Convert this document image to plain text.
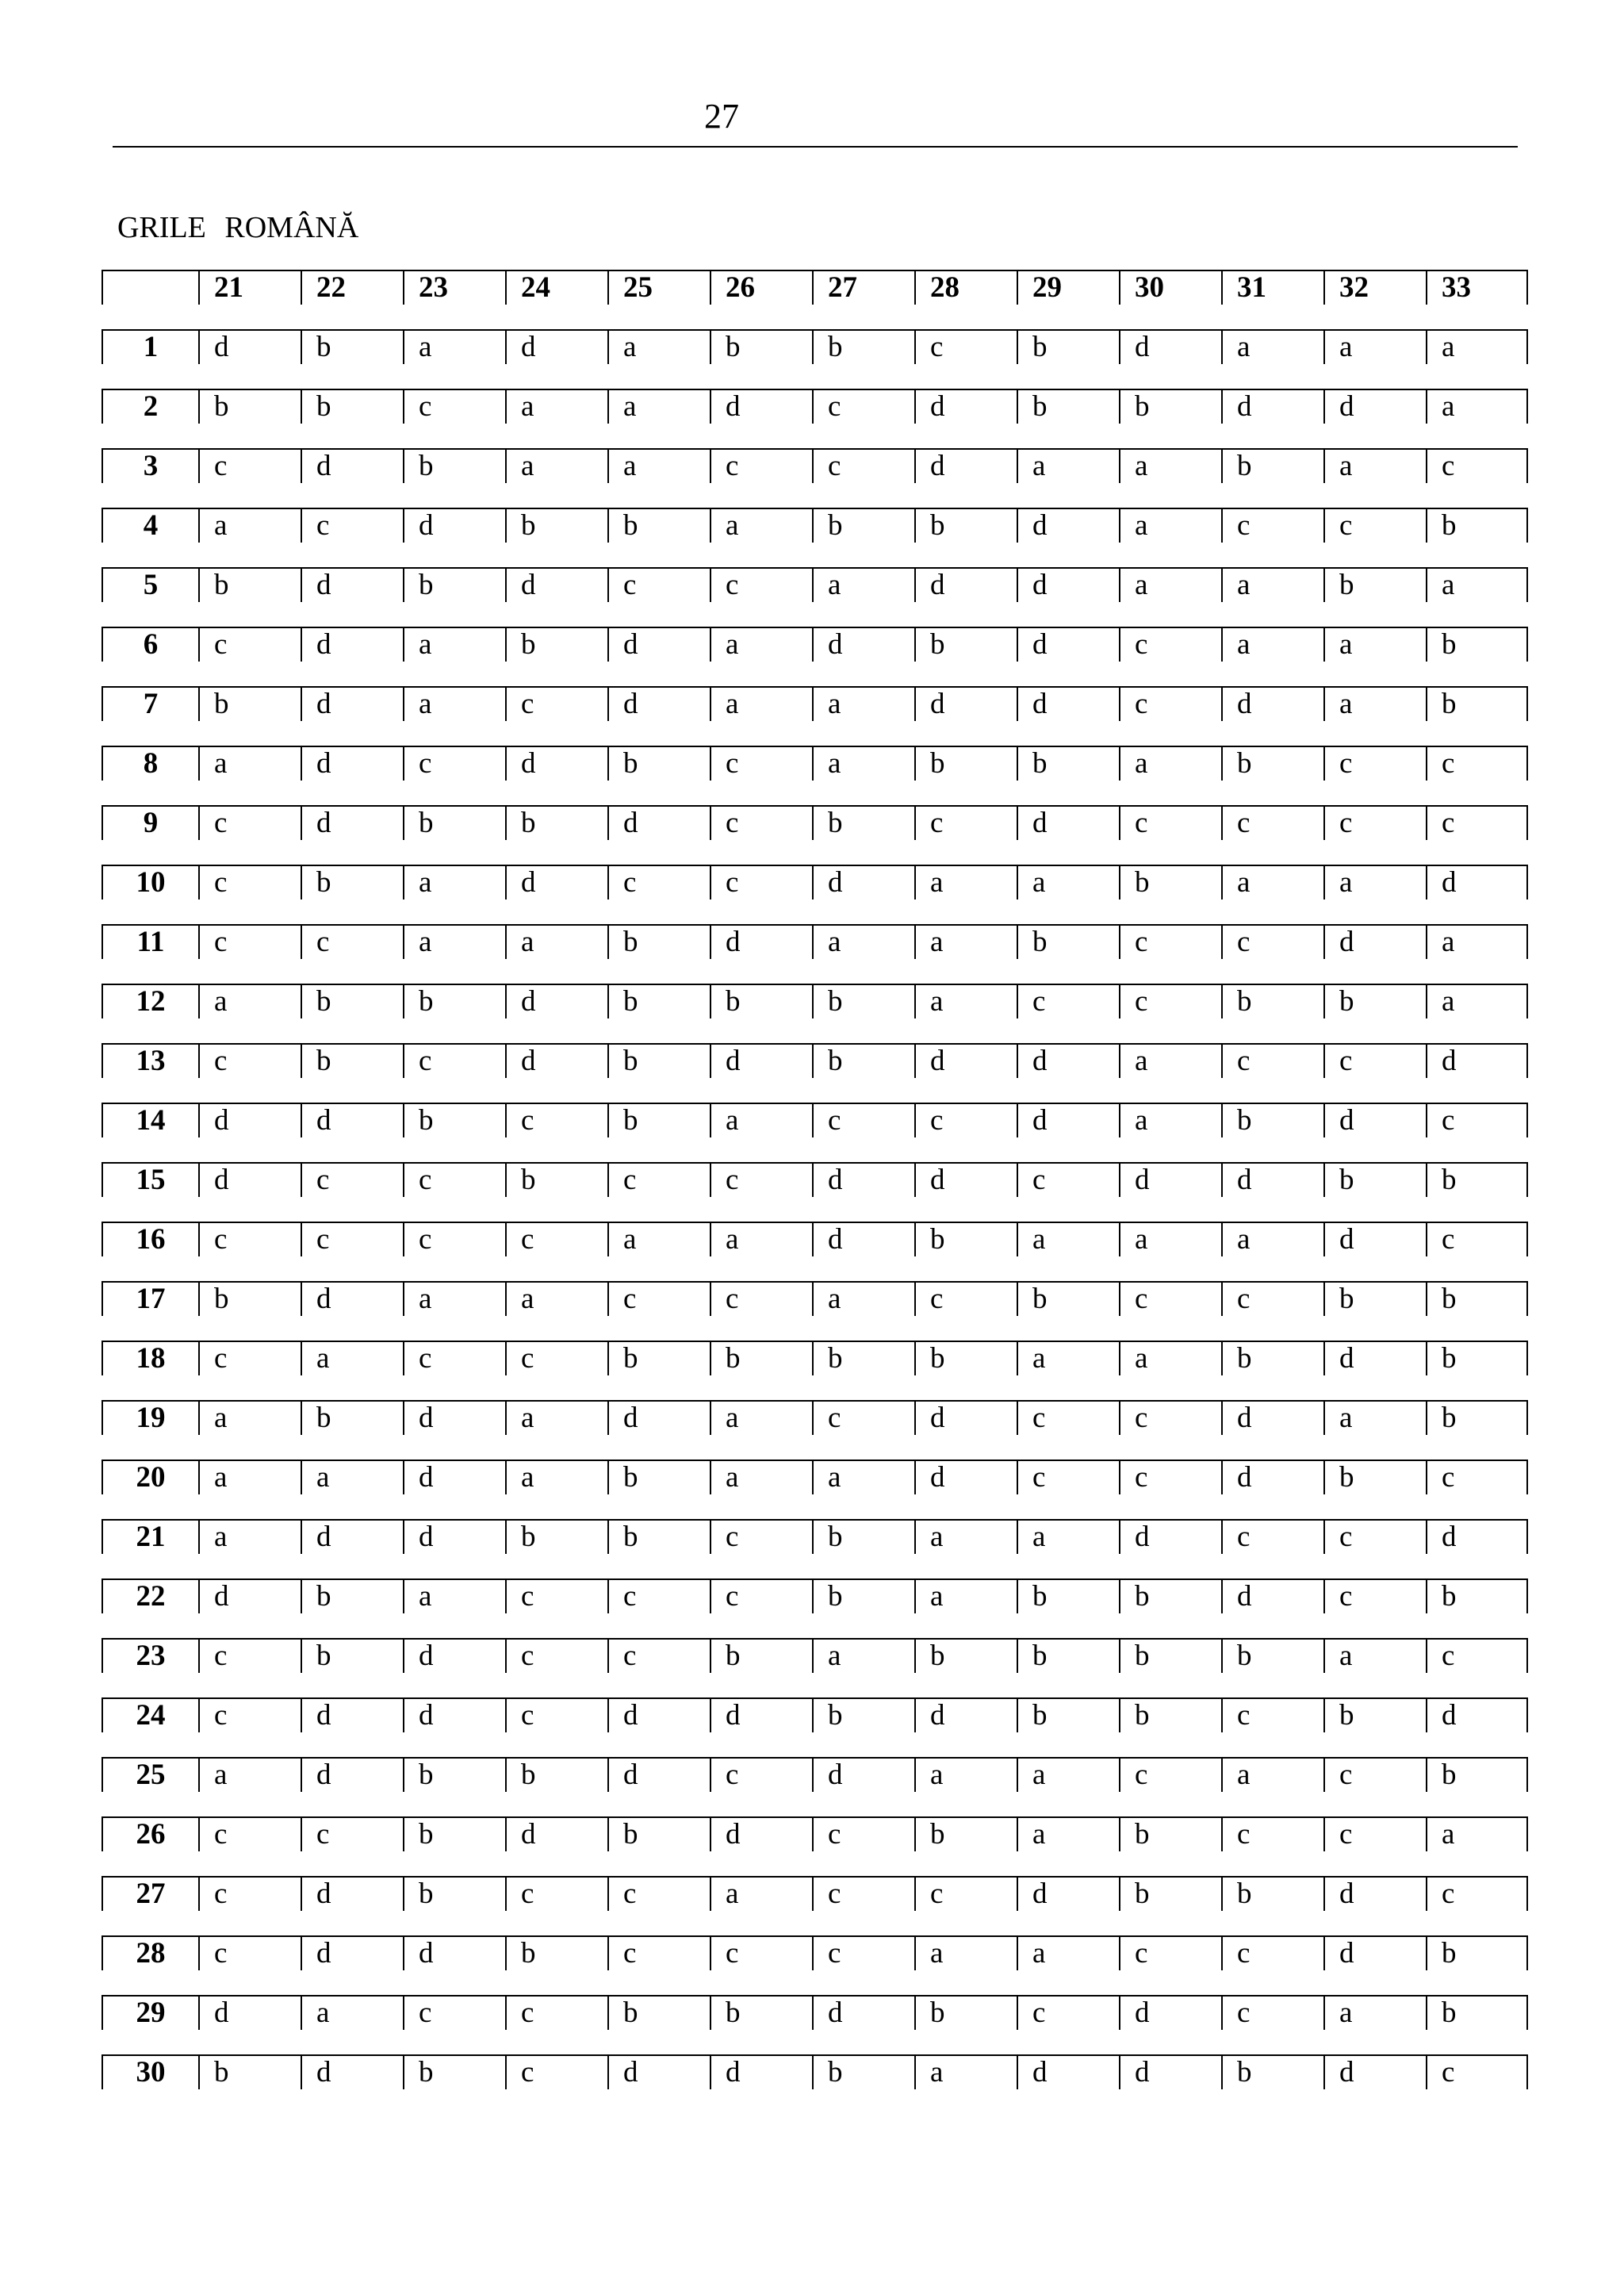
27
GRILE ROMÂNĂ
	21	22	23	24	25	26	27	28	29	30	31	32	33
1	d	b	a	d	a	b	b	c	b	d	a	a	a
2	b	b	c	a	a	d	c	d	b	b	d	d	a
3	c	d	b	a	a	c	c	d	a	a	b	a	c
4	a	c	d	b	b	a	b	b	d	a	c	c	b
5	b	d	b	d	c	c	a	d	d	a	a	b	a
6	c	d	a	b	d	a	d	b	d	c	a	a	b
7	b	d	a	c	d	a	a	d	d	c	d	a	b
8	a	d	c	d	b	c	a	b	b	a	b	c	c
9	c	d	b	b	d	c	b	c	d	c	c	c	c
10	c	b	a	d	c	c	d	a	a	b	a	a	d
11	c	c	a	a	b	d	a	a	b	c	c	d	a
12	a	b	b	d	b	b	b	a	c	c	b	b	a
13	c	b	c	d	b	d	b	d	d	a	c	c	d
14	d	d	b	c	b	a	c	c	d	a	b	d	c
15	d	c	c	b	c	c	d	d	c	d	d	b	b
16	c	c	c	c	a	a	d	b	a	a	a	d	c
17	b	d	a	a	c	c	a	c	b	c	c	b	b
18	c	a	c	c	b	b	b	b	a	a	b	d	b
19	a	b	d	a	d	a	c	d	c	c	d	a	b
20	a	a	d	a	b	a	a	d	c	c	d	b	c
21	a	d	d	b	b	c	b	a	a	d	c	c	d
22	d	b	a	c	c	c	b	a	b	b	d	c	b
23	c	b	d	c	c	b	a	b	b	b	b	a	c
24	c	d	d	c	d	d	b	d	b	b	c	b	d
25	a	d	b	b	d	c	d	a	a	c	a	c	b
26	c	c	b	d	b	d	c	b	a	b	c	c	a
27	c	d	b	c	c	a	c	c	d	b	b	d	c
28	c	d	d	b	c	c	c	a	a	c	c	d	b
29	d	a	c	c	b	b	d	b	c	d	c	a	b
30	b	d	b	c	d	d	b	a	d	d	b	d	c
